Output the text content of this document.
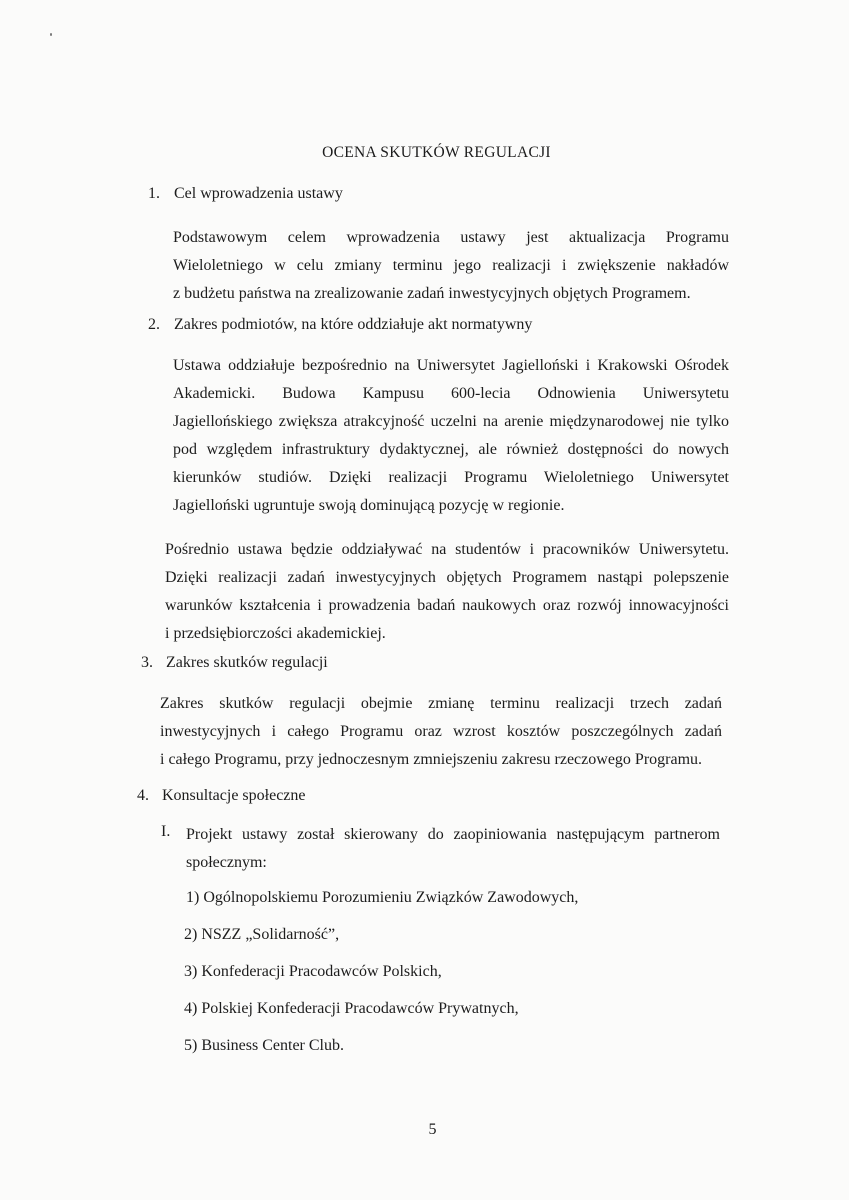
OCENA SKUTKÓW REGULACJI
1. Cel wprowadzenia ustawy
Podstawowym celem wprowadzenia ustawy jest aktualizacja Programu
Wieloletniego w celu zmiany terminu jego realizacji i zwiększenie nakładów
z budżetu państwa na zrealizowanie zadań inwestycyjnych objętych Programem.
2. Zakres podmiotów, na które oddziałuje akt normatywny
Ustawa oddziałuje bezpośrednio na Uniwersytet Jagielloński i Krakowski Ośrodek
Akademicki. Budowa Kampusu 600-lecia Odnowienia Uniwersytetu
Jagiellońskiego zwiększa atrakcyjność uczelni na arenie międzynarodowej nie tylko
pod względem infrastruktury dydaktycznej, ale również dostępności do nowych
kierunków studiów. Dzięki realizacji Programu Wieloletniego Uniwersytet
Jagielloński ugruntuje swoją dominującą pozycję w regionie.
Pośrednio ustawa będzie oddziaływać na studentów i pracowników Uniwersytetu.
Dzięki realizacji zadań inwestycyjnych objętych Programem nastąpi polepszenie
warunków kształcenia i prowadzenia badań naukowych oraz rozwój innowacyjności
i przedsiębiorczości akademickiej.
3. Zakres skutków regulacji
Zakres skutków regulacji obejmie zmianę terminu realizacji trzech zadań
inwestycyjnych i całego Programu oraz wzrost kosztów poszczególnych zadań
i całego Programu, przy jednoczesnym zmniejszeniu zakresu rzeczowego Programu.
4. Konsultacje społeczne
I. Projekt ustawy został skierowany do zaopiniowania następującym partnerom
społecznym:
1) Ogólnopolskiemu Porozumieniu Związków Zawodowych,
2) NSZZ „Solidarność”,
3) Konfederacji Pracodawców Polskich,
4) Polskiej Konfederacji Pracodawców Prywatnych,
5) Business Center Club.
5
